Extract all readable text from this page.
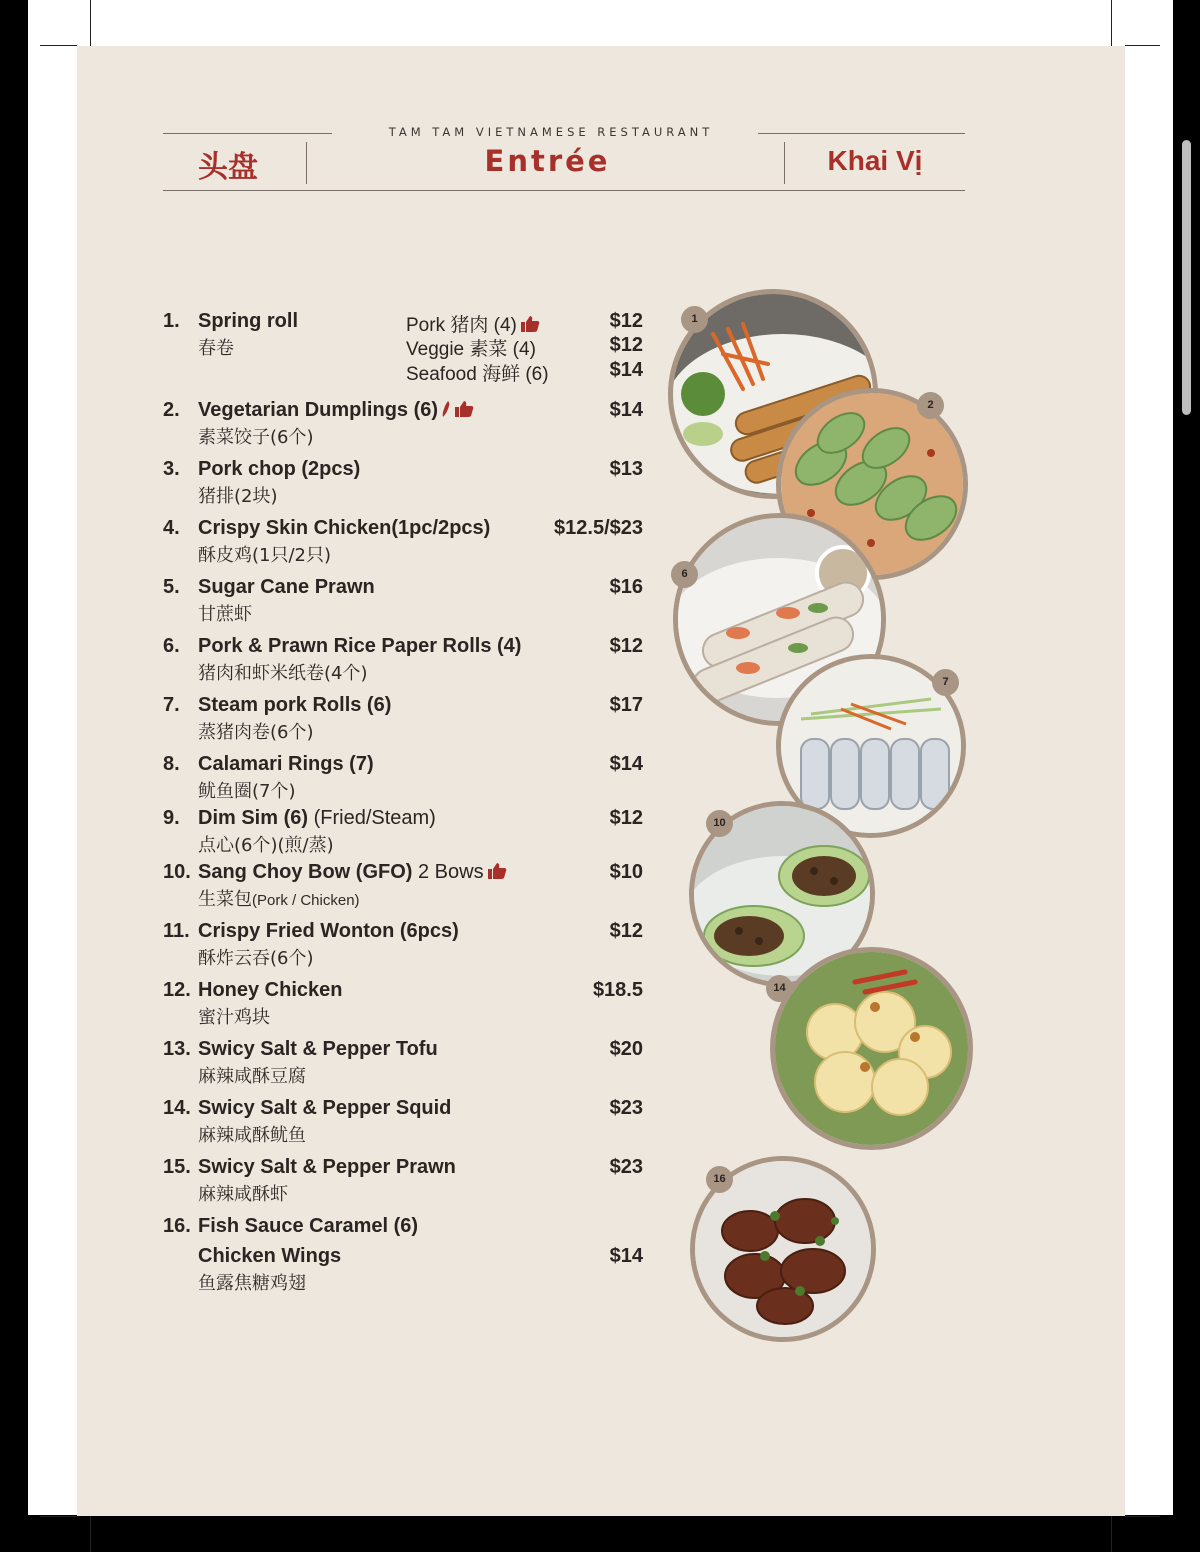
TAM TAM VIETNAMESE RESTAURANT
头盘	Entrée	Khai Vị
1. Spring roll
春卷
Pork 猪肉 (4)	$12
Veggie 素菜 (4)	$12
Seafood 海鲜 (6)	$14
2. Vegetarian Dumplings (6)
素菜饺子(6个)
$14
3. Pork chop (2pcs)
猪排(2块)
$13
4. Crispy Skin Chicken(1pc/2pcs)
酥皮鸡(1只/2只)
$12.5/$23
5. Sugar Cane Prawn
甘蔗虾
$16
6. Pork & Prawn Rice Paper Rolls (4)
猪肉和虾米纸卷(4个)
$12
7. Steam pork Rolls (6)
蒸猪肉卷(6个)
$17
8. Calamari Rings (7)
鱿鱼圈(7个)
$14
9. Dim Sim (6) (Fried/Steam)
点心(6个)(煎/蒸)
$12
10. Sang Choy Bow (GFO) 2 Bows
生菜包(Pork / Chicken)
$10
11. Crispy Fried Wonton (6pcs)
酥炸云吞(6个)
$12
12. Honey Chicken
蜜汁鸡块
$18.5
13. Swicy Salt & Pepper Tofu
麻辣咸酥豆腐
$20
14. Swicy Salt & Pepper Squid
麻辣咸酥鱿鱼
$23
15. Swicy Salt & Pepper Prawn
麻辣咸酥虾
$23
16. Fish Sauce Caramel (6)
Chicken Wings
鱼露焦糖鸡翅
$14
1
2
6
7
10
14
16
